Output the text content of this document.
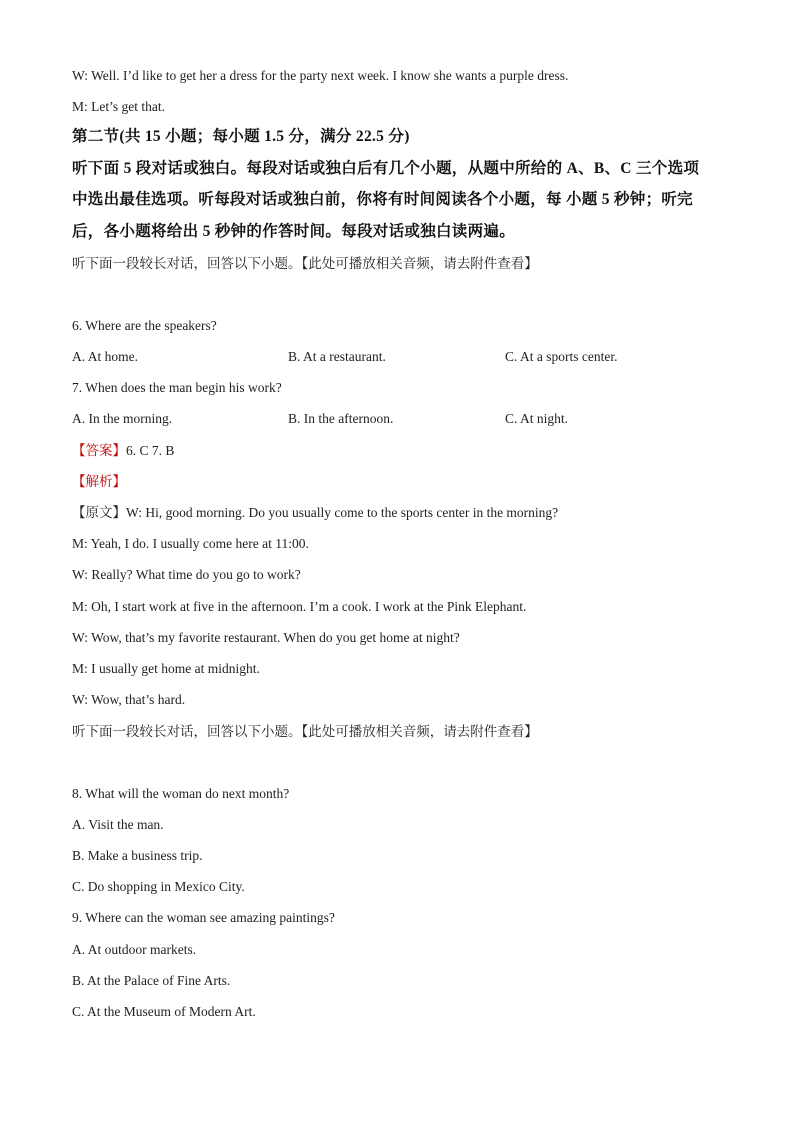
W: Well. I’d like to get her a dress for the party next week. I know she wants a purple dress.
M: Let’s get that.
第二节(共 15 小题；每小题 1.5 分，满分 22.5 分)
听下面 5 段对话或独白。每段对话或独白后有几个小题，从题中所给的 A、B、C 三个选项
中选出最佳选项。听每段对话或独白前，你将有时间阅读各个小题，每 小题 5 秒钟；听完
后，各小题将给出 5 秒钟的作答时间。每段对话或独白读两遍。
听下面一段较长对话，回答以下小题。【此处可播放相关音频，请去附件查看】
6. Where are the speakers?
A. At home.	B. At a restaurant.	C. At a sports center.
7. When does the man begin his work?
A. In the morning.	B. In the afternoon.	C. At night.
【答案】6. C 7. B
【解析】
【原文】W: Hi, good morning. Do you usually come to the sports center in the morning?
M: Yeah, I do. I usually come here at 11:00.
W: Really? What time do you go to work?
M: Oh, I start work at five in the afternoon. I’m a cook. I work at the Pink Elephant.
W: Wow, that’s my favorite restaurant. When do you get home at night?
M: I usually get home at midnight.
W: Wow, that’s hard.
听下面一段较长对话，回答以下小题。【此处可播放相关音频，请去附件查看】
8. What will the woman do next month?
A. Visit the man.
B. Make a business trip.
C. Do shopping in Mexico City.
9. Where can the woman see amazing paintings?
A. At outdoor markets.
B. At the Palace of Fine Arts.
C. At the Museum of Modern Art.
